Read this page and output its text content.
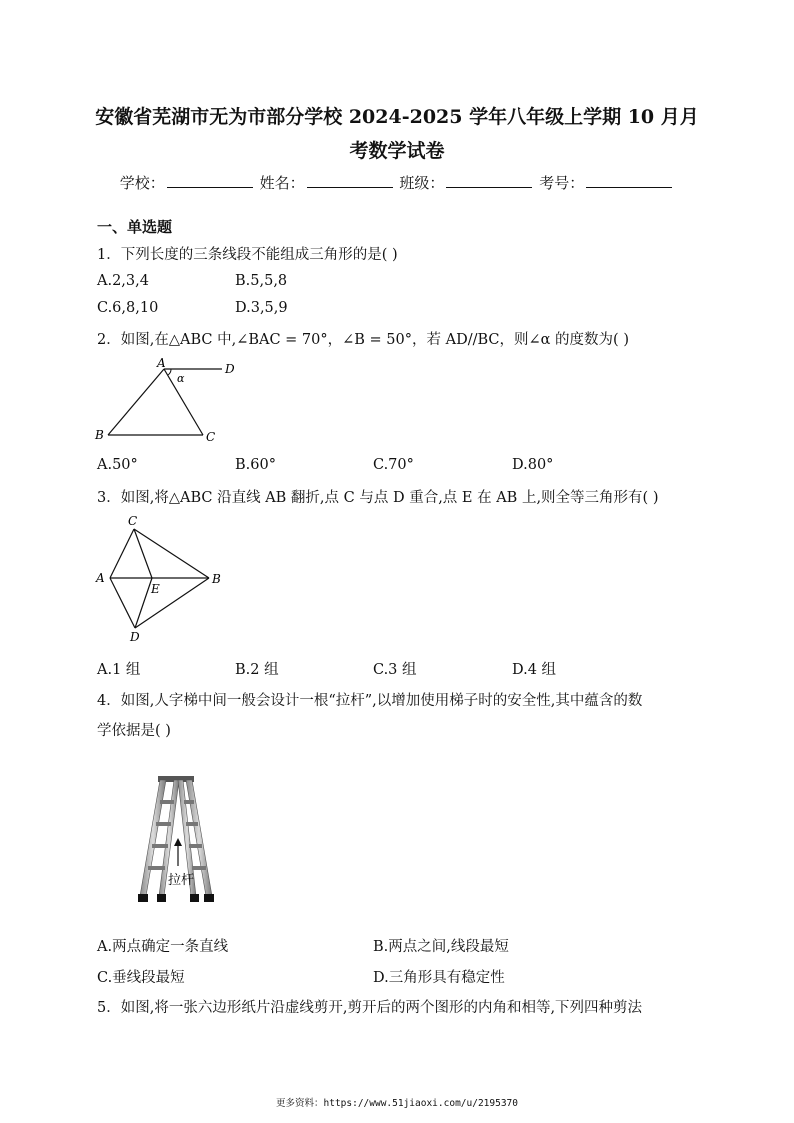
安徽省芜湖市无为市部分学校 2024-2025 学年八年级上学期 10 月月
考数学试卷
学校：	姓名：	班级：	考号：
一、单选题
1．下列长度的三条线段不能组成三角形的是( )
A.2,3,4	B.5,5,8
C.6,8,10	D.3,5,9
2．如图,在△ABC 中,∠BAC = 70°，∠B = 50°，若 AD//BC，则∠α 的度数为( )
A	D
α
B	C
A.50°	B.60°	C.70°	D.80°
3．如图,将△ABC 沿直线 AB 翻折,点 C 与点 D 重合,点 E 在 AB 上,则全等三角形有( )
C
A
E
B
D
A.1 组	B.2 组	C.3 组	D.4 组
4．如图,人字梯中间一般会设计一根“拉杆”,以增加使用梯子时的安全性,其中蕴含的数
学依据是( )
拉杆
A.两点确定一条直线	B.两点之间,线段最短
C.垂线段最短	D.三角形具有稳定性
5．如图,将一张六边形纸片沿虚线剪开,剪开后的两个图形的内角和相等,下列四种剪法
更多资料：https://www.51jiaoxi.com/u/2195370
